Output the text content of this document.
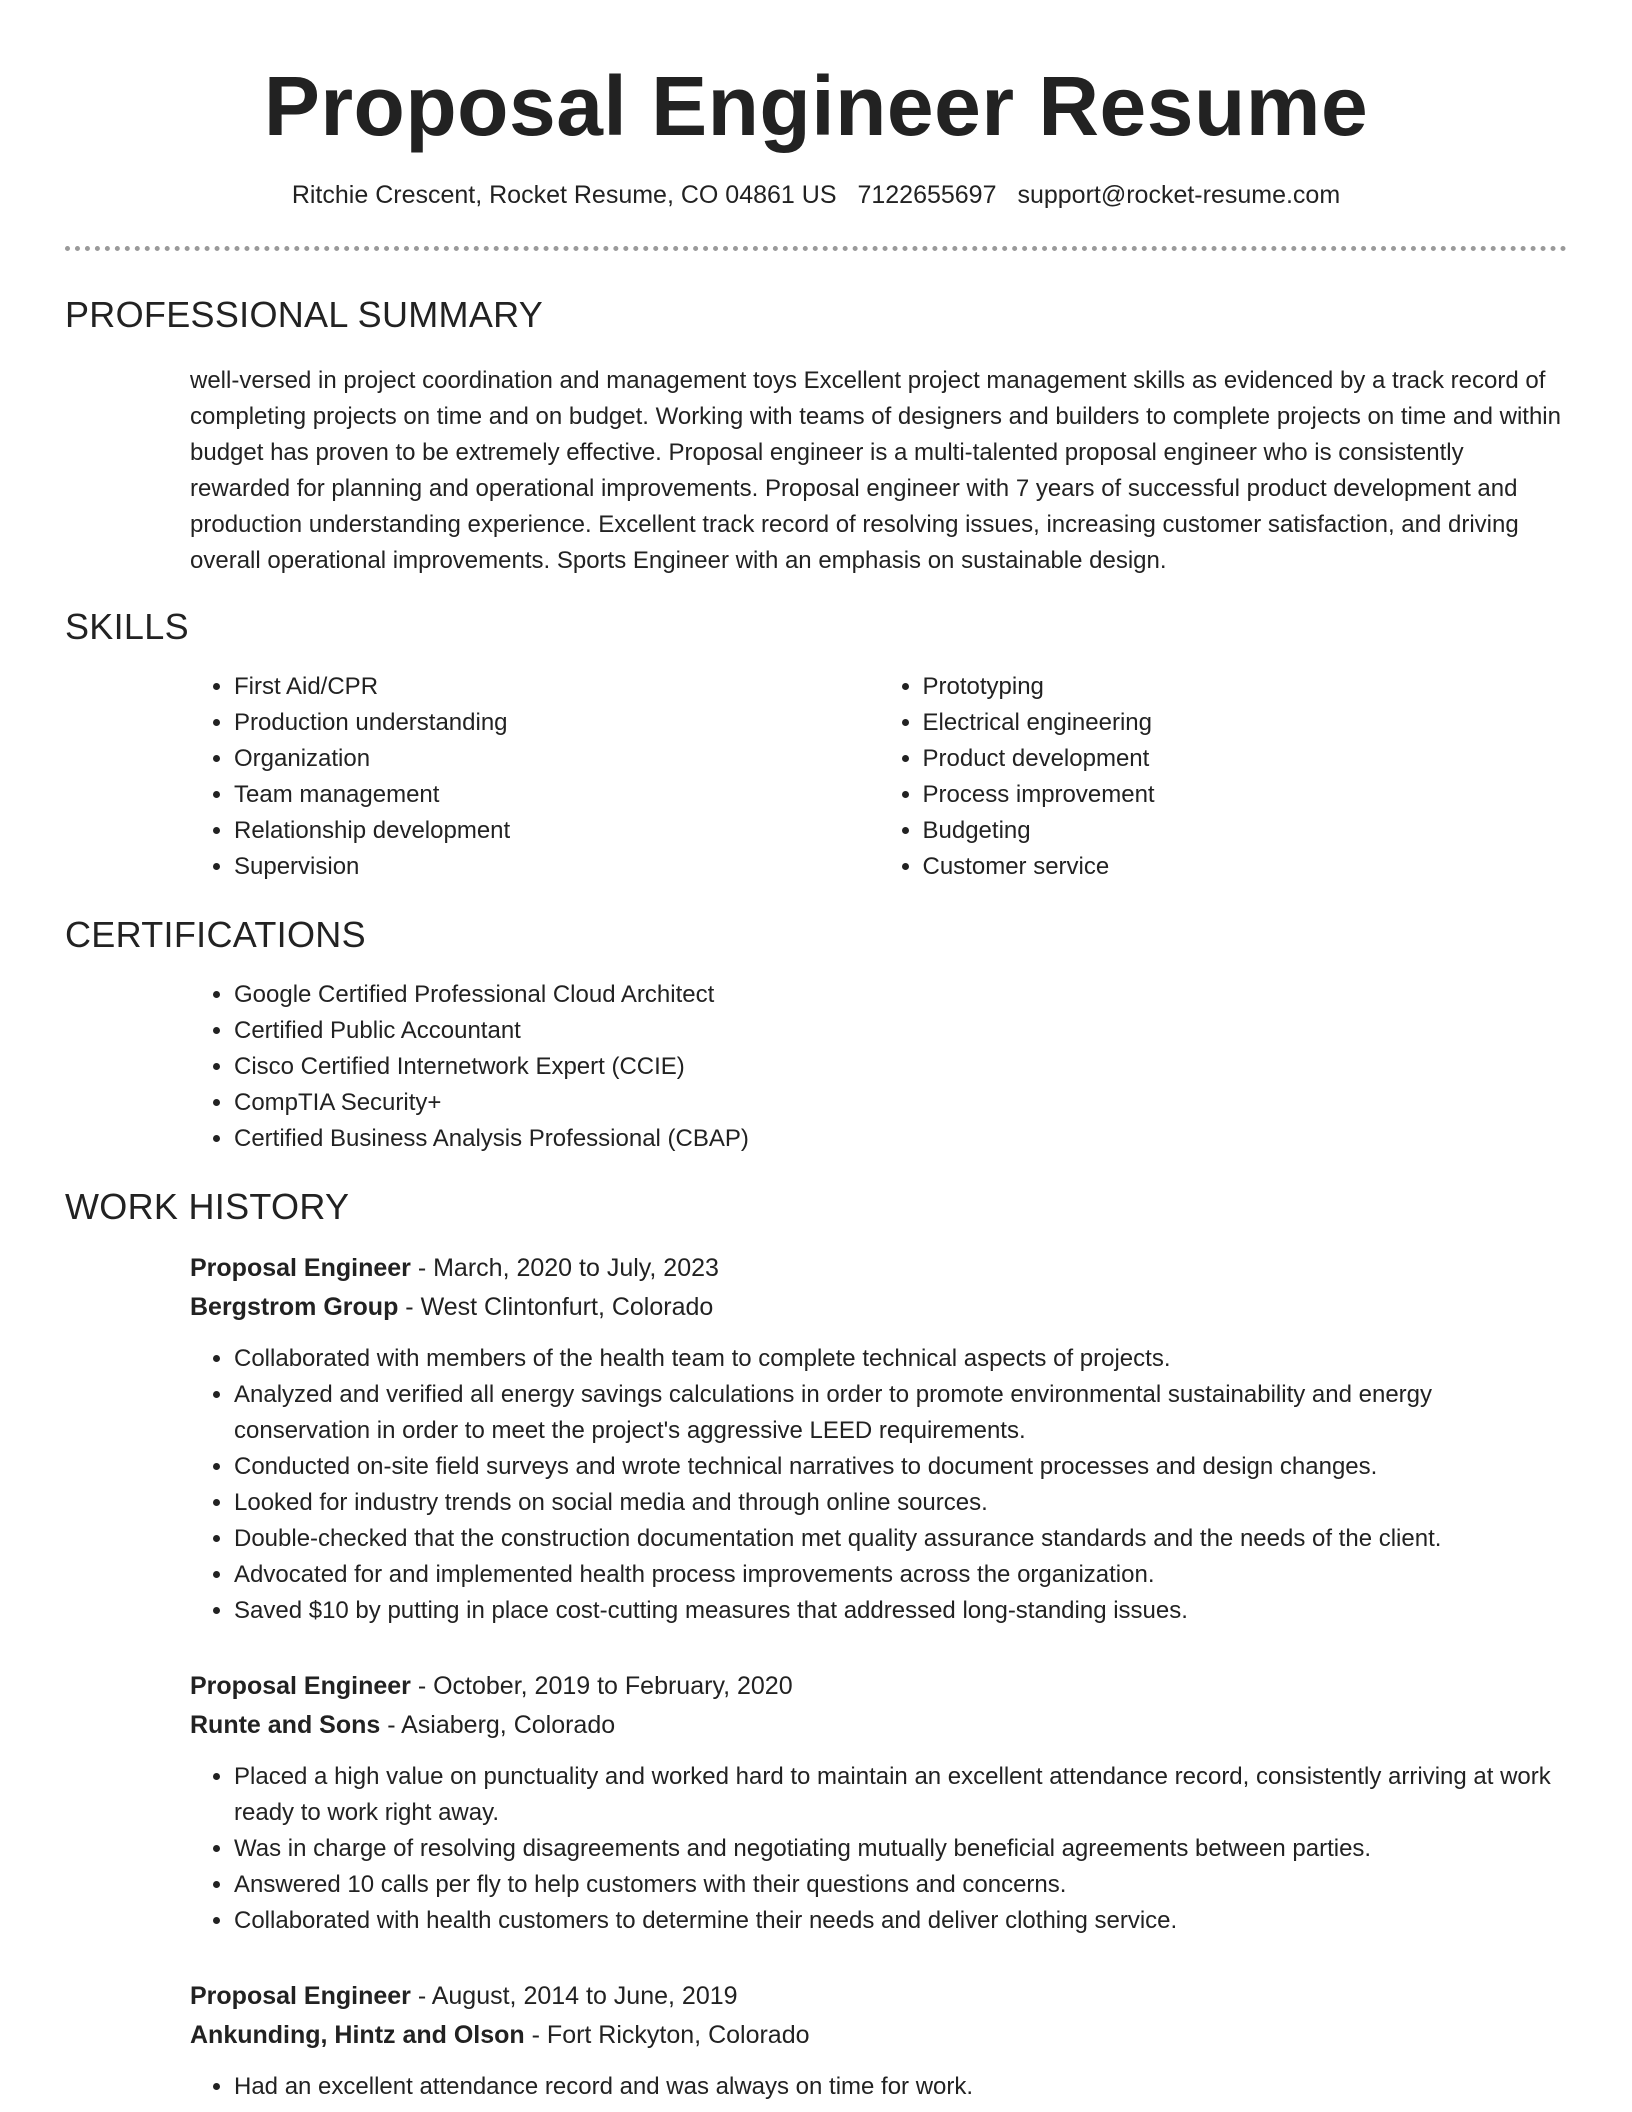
Proposal Engineer Resume
Ritchie Crescent, Rocket Resume, CO 04861 US 7122655697 support@rocket-resume.com
PROFESSIONAL SUMMARY
well-versed in project coordination and management toys Excellent project management skills as evidenced by a track record of completing projects on time and on budget. Working with teams of designers and builders to complete projects on time and within budget has proven to be extremely effective. Proposal engineer is a multi-talented proposal engineer who is consistently rewarded for planning and operational improvements. Proposal engineer with 7 years of successful product development and production understanding experience. Excellent track record of resolving issues, increasing customer satisfaction, and driving overall operational improvements. Sports Engineer with an emphasis on sustainable design.
SKILLS
• First Aid/CPR
• Production understanding
• Organization
• Team management
• Relationship development
• Supervision
• Prototyping
• Electrical engineering
• Product development
• Process improvement
• Budgeting
• Customer service
CERTIFICATIONS
• Google Certified Professional Cloud Architect
• Certified Public Accountant
• Cisco Certified Internetwork Expert (CCIE)
• CompTIA Security+
• Certified Business Analysis Professional (CBAP)
WORK HISTORY
Proposal Engineer - March, 2020 to July, 2023
Bergstrom Group - West Clintonfurt, Colorado
• Collaborated with members of the health team to complete technical aspects of projects.
• Analyzed and verified all energy savings calculations in order to promote environmental sustainability and energy conservation in order to meet the project's aggressive LEED requirements.
• Conducted on-site field surveys and wrote technical narratives to document processes and design changes.
• Looked for industry trends on social media and through online sources.
• Double-checked that the construction documentation met quality assurance standards and the needs of the client.
• Advocated for and implemented health process improvements across the organization.
• Saved $10 by putting in place cost-cutting measures that addressed long-standing issues.
Proposal Engineer - October, 2019 to February, 2020
Runte and Sons - Asiaberg, Colorado
• Placed a high value on punctuality and worked hard to maintain an excellent attendance record, consistently arriving at work ready to work right away.
• Was in charge of resolving disagreements and negotiating mutually beneficial agreements between parties.
• Answered 10 calls per fly to help customers with their questions and concerns.
• Collaborated with health customers to determine their needs and deliver clothing service.
Proposal Engineer - August, 2014 to June, 2019
Ankunding, Hintz and Olson - Fort Rickyton, Colorado
• Had an excellent attendance record and was always on time for work.
